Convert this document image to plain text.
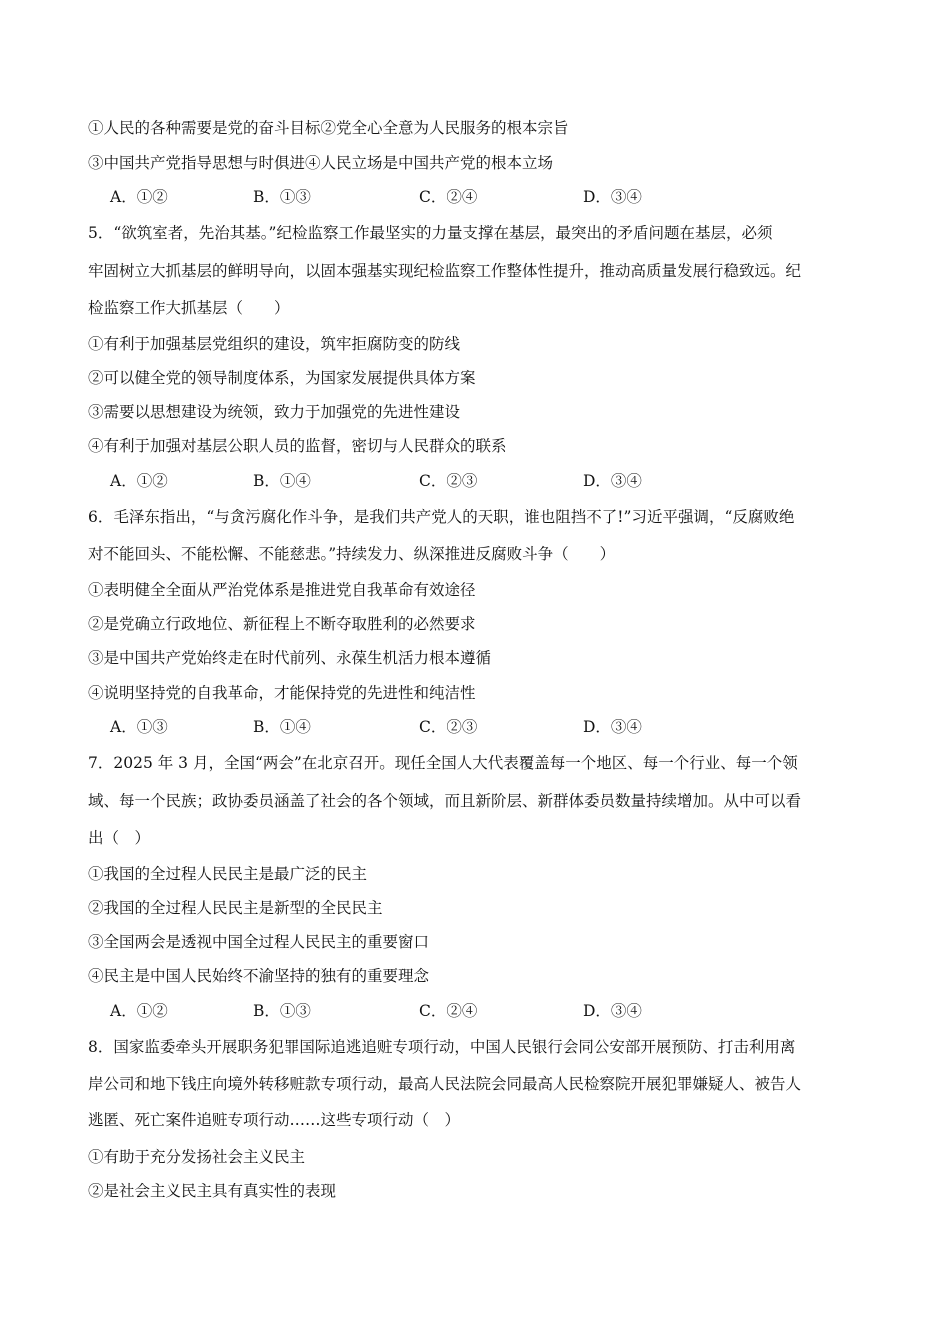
①人民的各种需要是党的奋斗目标②党全心全意为人民服务的根本宗旨
③中国共产党指导思想与时俱进④人民立场是中国共产党的根本立场
A．①②	B．①③	C．②④	D．③④
5．“欲筑室者，先治其基。”纪检监察工作最坚实的力量支撑在基层，最突出的矛盾问题在基层，必须
牢固树立大抓基层的鲜明导向，以固本强基实现纪检监察工作整体性提升，推动高质量发展行稳致远。纪
检监察工作大抓基层（　　）
①有利于加强基层党组织的建设，筑牢拒腐防变的防线
②可以健全党的领导制度体系，为国家发展提供具体方案
③需要以思想建设为统领，致力于加强党的先进性建设
④有利于加强对基层公职人员的监督，密切与人民群众的联系
A．①②	B．①④	C．②③	D．③④
6．毛泽东指出，“与贪污腐化作斗争，是我们共产党人的天职，谁也阻挡不了!”习近平强调，“反腐败绝
对不能回头、不能松懈、不能慈悲。”持续发力、纵深推进反腐败斗争（　　）
①表明健全全面从严治党体系是推进党自我革命有效途径
②是党确立行政地位、新征程上不断夺取胜利的必然要求
③是中国共产党始终走在时代前列、永葆生机活力根本遵循
④说明坚持党的自我革命，才能保持党的先进性和纯洁性
A．①③	B．①④	C．②③	D．③④
7．2025 年 3 月，全国“两会”在北京召开。现任全国人大代表覆盖每一个地区、每一个行业、每一个领
域、每一个民族；政协委员涵盖了社会的各个领域，而且新阶层、新群体委员数量持续增加。从中可以看
出（　）
①我国的全过程人民民主是最广泛的民主
②我国的全过程人民民主是新型的全民民主
③全国两会是透视中国全过程人民民主的重要窗口
④民主是中国人民始终不渝坚持的独有的重要理念
A．①②	B．①③	C．②④	D．③④
8．国家监委牵头开展职务犯罪国际追逃追赃专项行动，中国人民银行会同公安部开展预防、打击利用离
岸公司和地下钱庄向境外转移赃款专项行动，最高人民法院会同最高人民检察院开展犯罪嫌疑人、被告人
逃匿、死亡案件追赃专项行动……这些专项行动（　）
①有助于充分发扬社会主义民主
②是社会主义民主具有真实性的表现
